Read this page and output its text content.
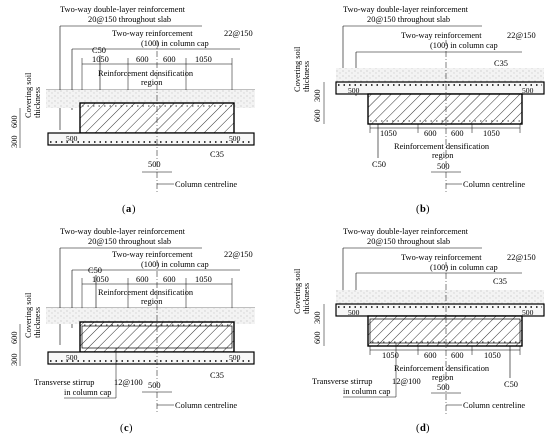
Two-way double-layer reinforcement
20@150 throughout slab
Two-way reinforcement	22@150
(100) in column cap
C50
1050	600 600 1050
Reinforcement densification
region
Covering soil thickness
600
300	500	500
C35
500
Column centreline
( a )
Two-way double-layer reinforcement
20@150 throughout slab
Two-way reinforcement	22@150
(100) in column cap
C35
Covering soil thickness
300
600
500	500
1050	600 600 1050
Reinforcement densification
region
C50	500
Column centreline
( b )
Two-way double-layer reinforcement
20@150 throughout slab
Two-way reinforcement	22@150
(100) in column cap
C50
1050	600 600 1050
Reinforcement densification
region
Covering soil thickness
600
300	500	500
C35
Transverse stirrup 12@100
in column cap
500
Column centreline
( c )
Two-way double-layer reinforcement
20@150 throughout slab
Two-way reinforcement	22@150
(100) in column cap
C35
Covering soil thickness
300
600
500	500
1050	600 600 1050
Reinforcement densification
region
C50
Transverse stirrup 12@100
in column cap	500
Column centreline
( d )
